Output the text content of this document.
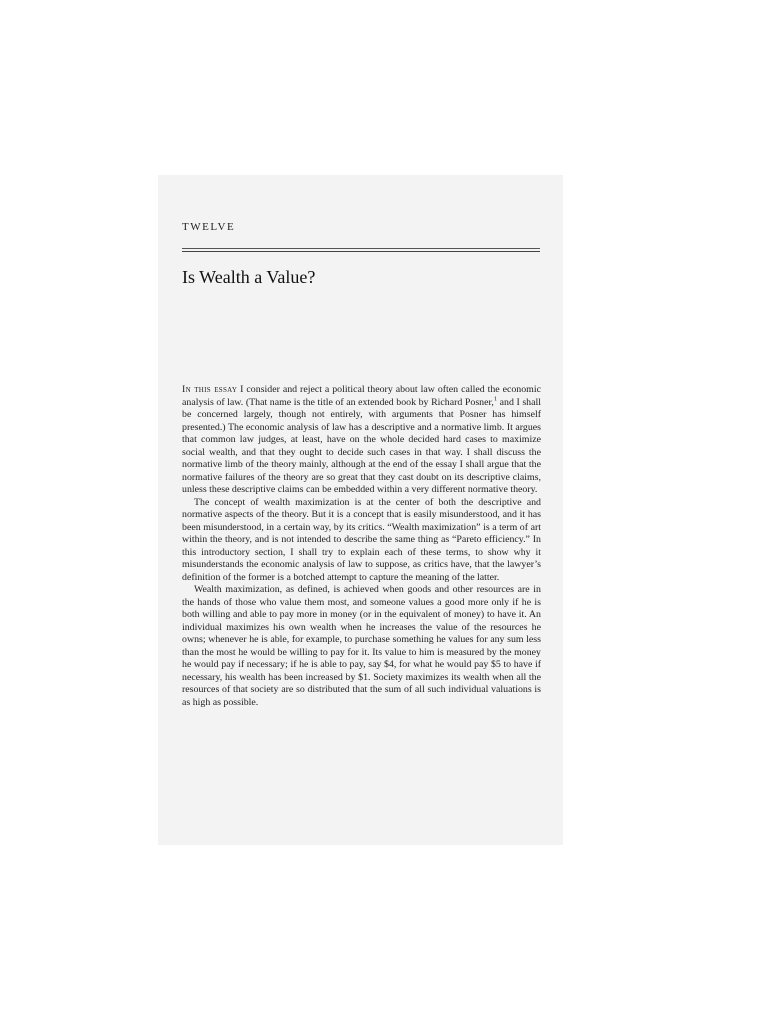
TWELVE
Is Wealth a Value?

In this essay I consider and reject a political theory about law often called the economic analysis of law. (That name is the title of an extended book by Richard Posner,$^1$ and I shall be concerned largely, though not entirely, with arguments that Posner has himself presented.) The economic analysis of law has a descriptive and a normative limb. It argues that common law judges, at least, have on the whole decided hard cases to maximize social wealth, and that they ought to decide such cases in that way. I shall discuss the normative limb of the theory mainly, although at the end of the essay I shall argue that the normative failures of the theory are so great that they cast doubt on its descriptive claims, unless these descriptive claims can be embedded within a very different normative theory.

The concept of wealth maximization is at the center of both the descriptive and normative aspects of the theory. But it is a concept that is easily misunderstood, and it has been misunderstood, in a certain way, by its critics. “Wealth maximization” is a term of art within the theory, and is not intended to describe the same thing as “Pareto efficiency.” In this introductory section, I shall try to explain each of these terms, to show why it misunderstands the economic analysis of law to suppose, as critics have, that the lawyer’s definition of the former is a botched attempt to capture the meaning of the latter.

Wealth maximization, as defined, is achieved when goods and other resources are in the hands of those who value them most, and someone values a good more only if he is both willing and able to pay more in money (or in the equivalent of money) to have it. An individual maximizes his own wealth when he increases the value of the resources he owns; whenever he is able, for example, to purchase something he values for any sum less than the most he would be willing to pay for it. Its value to him is measured by the money he would pay if necessary; if he is able to pay, say $4, for what he would pay $5 to have if necessary, his wealth has been increased by $1. Society maximizes its wealth when all the resources of that society are so distributed that the sum of all such individual valuations is as high as possible.
